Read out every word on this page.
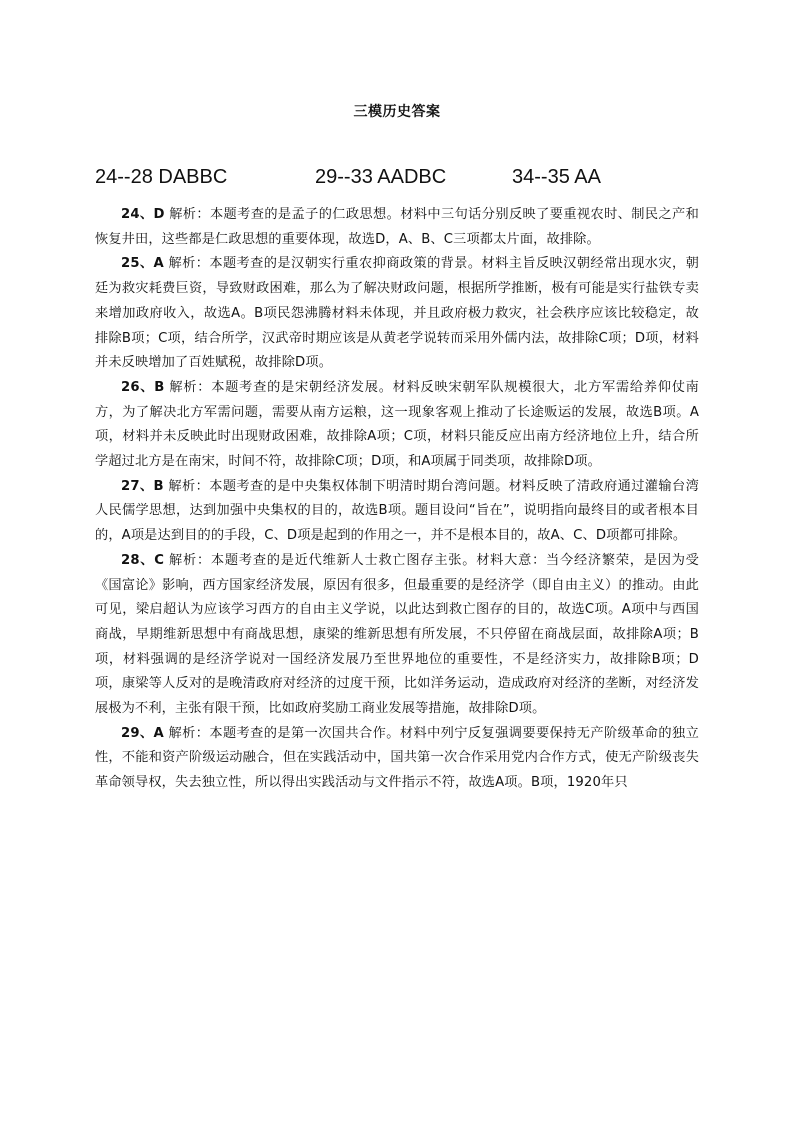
三模历史答案
24--28 DABBC	29--33 AADBC	34--35 AA

24、D 解析：本题考查的是孟子的仁政思想。材料中三句话分别反映了要重视农时、制民之产和恢复井田，这些都是仁政思想的重要体现，故选D，A、B、C三项都太片面，故排除。

25、A 解析：本题考查的是汉朝实行重农抑商政策的背景。材料主旨反映汉朝经常出现水灾，朝廷为救灾耗费巨资，导致财政困难，那么为了解决财政问题，根据所学推断，极有可能是实行盐铁专卖来增加政府收入，故选A。B项民怨沸腾材料未体现，并且政府极力救灾，社会秩序应该比较稳定，故排除B项；C项，结合所学，汉武帝时期应该是从黄老学说转而采用外儒内法，故排除C项；D项，材料并未反映增加了百姓赋税，故排除D项。

26、B 解析：本题考查的是宋朝经济发展。材料反映宋朝军队规模很大，北方军需给养仰仗南方，为了解决北方军需问题，需要从南方运粮，这一现象客观上推动了长途贩运的发展，故选B项。A项，材料并未反映此时出现财政困难，故排除A项；C项，材料只能反应出南方经济地位上升，结合所学超过北方是在南宋，时间不符，故排除C项；D项，和A项属于同类项，故排除D项。

27、B 解析：本题考查的是中央集权体制下明清时期台湾问题。材料反映了清政府通过灌输台湾人民儒学思想，达到加强中央集权的目的，故选B项。题目设问“旨在”，说明指向最终目的或者根本目的，A项是达到目的的手段，C、D项是起到的作用之一，并不是根本目的，故A、C、D项都可排除。

28、C 解析：本题考查的是近代维新人士救亡图存主张。材料大意：当今经济繁荣，是因为受《国富论》影响，西方国家经济发展，原因有很多，但最重要的是经济学（即自由主义）的推动。由此可见，梁启超认为应该学习西方的自由主义学说，以此达到救亡图存的目的，故选C项。A项中与西国商战，早期维新思想中有商战思想，康梁的维新思想有所发展，不只停留在商战层面，故排除A项；B项，材料强调的是经济学说对一国经济发展乃至世界地位的重要性，不是经济实力，故排除B项；D项，康梁等人反对的是晚清政府对经济的过度干预，比如洋务运动，造成政府对经济的垄断，对经济发展极为不利，主张有限干预，比如政府奖励工商业发展等措施，故排除D项。

29、A 解析：本题考查的是第一次国共合作。材料中列宁反复强调要要保持无产阶级革命的独立性，不能和资产阶级运动融合，但在实践活动中，国共第一次合作采用党内合作方式，使无产阶级丧失革命领导权，失去独立性，所以得出实践活动与文件指示不符，故选A项。B项，1920年只
